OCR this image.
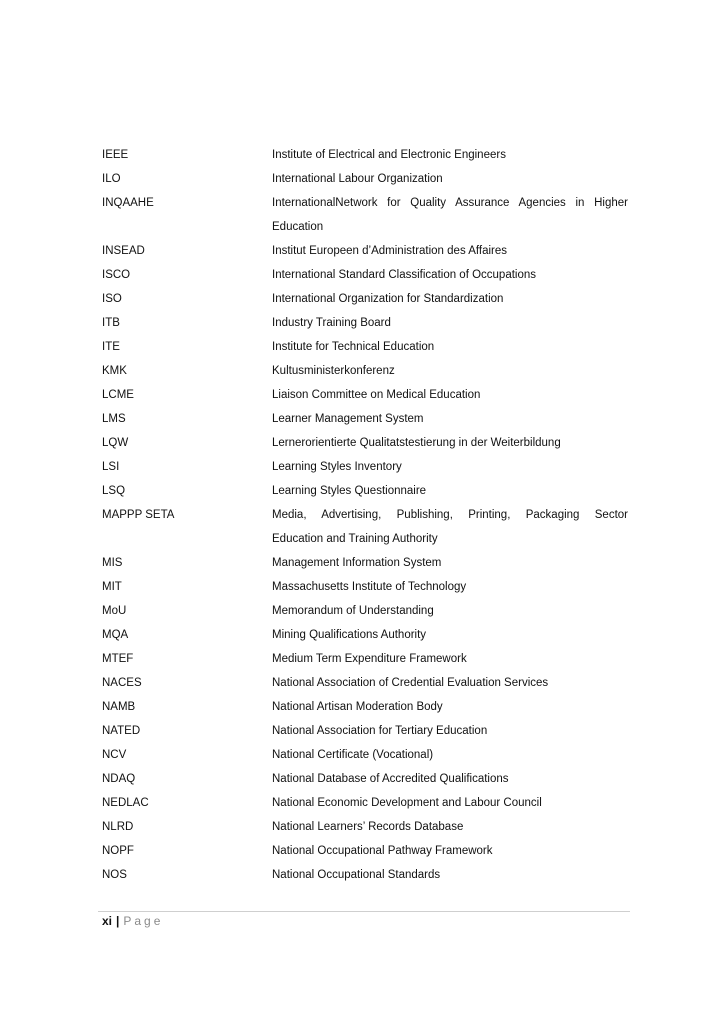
IEEE	Institute of Electrical and Electronic Engineers
ILO	International Labour Organization
INQAAHE	InternationalNetwork for Quality Assurance Agencies in Higher
Education
INSEAD	Institut Europeen d’Administration des Affaires
ISCO	International Standard Classification of Occupations
ISO	International Organization for Standardization
ITB	Industry Training Board
ITE	Institute for Technical Education
KMK	Kultusministerkonferenz
LCME	Liaison Committee on Medical Education
LMS	Learner Management System
LQW	Lernerorientierte Qualitatstestierung in der Weiterbildung
LSI	Learning Styles Inventory
LSQ	Learning Styles Questionnaire
MAPPP SETA	Media, Advertising, Publishing, Printing, Packaging Sector
Education and Training Authority
MIS	Management Information System
MIT	Massachusetts Institute of Technology
MoU	Memorandum of Understanding
MQA	Mining Qualifications Authority
MTEF	Medium Term Expenditure Framework
NACES	National Association of Credential Evaluation Services
NAMB	National Artisan Moderation Body
NATED	National Association for Tertiary Education
NCV	National Certificate (Vocational)
NDAQ	National Database of Accredited Qualifications
NEDLAC	National Economic Development and Labour Council
NLRD	National Learners’ Records Database
NOPF	National Occupational Pathway Framework
NOS	National Occupational Standards
xi | Page
